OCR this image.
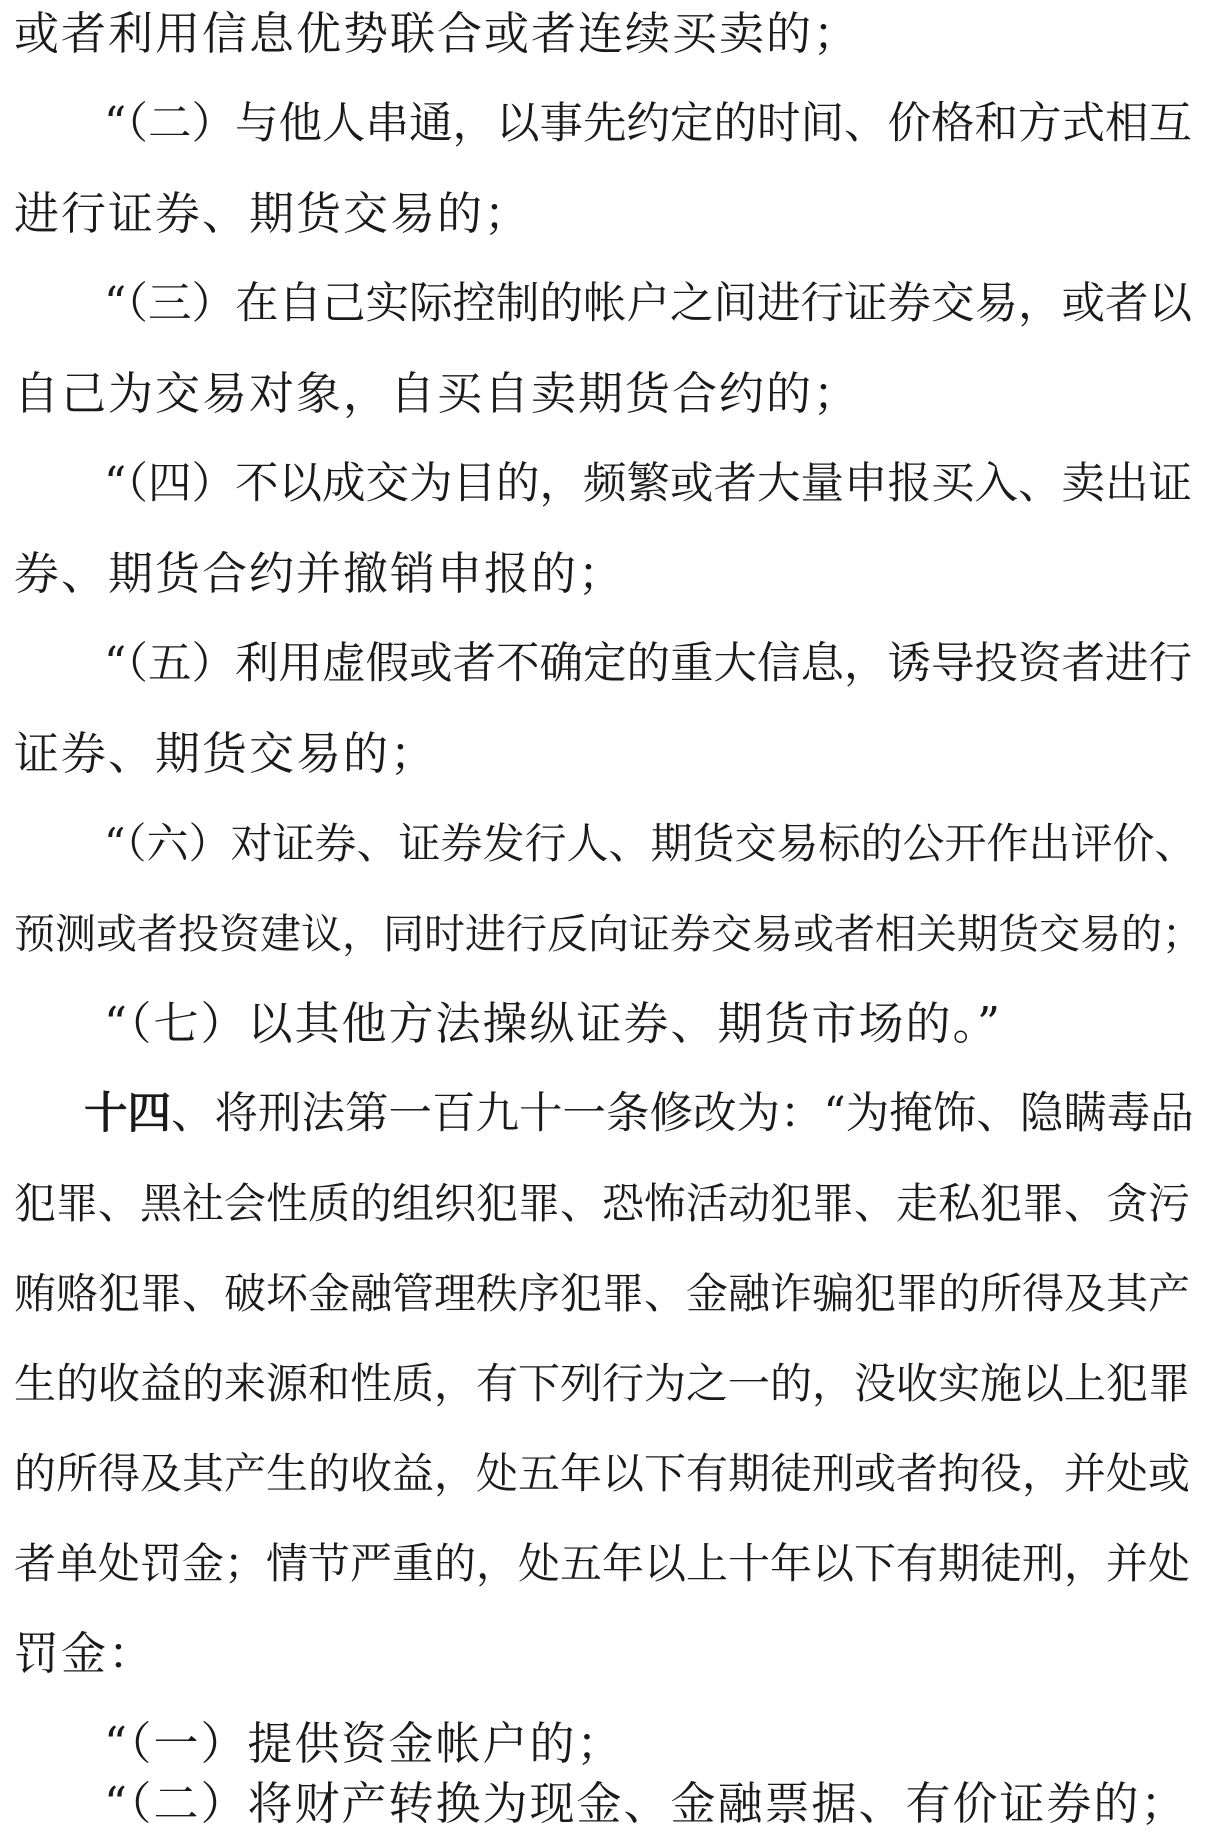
或者利用信息优势联合或者连续买卖的；
“（二）与他人串通，以事先约定的时间、价格和方式相互
进行证券、期货交易的；
“（三）在自己实际控制的帐户之间进行证券交易，或者以
自己为交易对象，自买自卖期货合约的；
“（四）不以成交为目的，频繁或者大量申报买入、卖出证
券、期货合约并撤销申报的；
“（五）利用虚假或者不确定的重大信息，诱导投资者进行
证券、期货交易的；
“（六）对证券、证券发行人、期货交易标的公开作出评价、
预测或者投资建议，同时进行反向证券交易或者相关期货交易的；
“（七）以其他方法操纵证券、期货市场的。”
十四、将刑法第一百九十一条修改为：“为掩饰、隐瞒毒品
犯罪、黑社会性质的组织犯罪、恐怖活动犯罪、走私犯罪、贪污
贿赂犯罪、破坏金融管理秩序犯罪、金融诈骗犯罪的所得及其产
生的收益的来源和性质，有下列行为之一的，没收实施以上犯罪
的所得及其产生的收益，处五年以下有期徒刑或者拘役，并处或
者单处罚金；情节严重的，处五年以上十年以下有期徒刑，并处
罚金：
“（一）提供资金帐户的；
“（二）将财产转换为现金、金融票据、有价证券的；
